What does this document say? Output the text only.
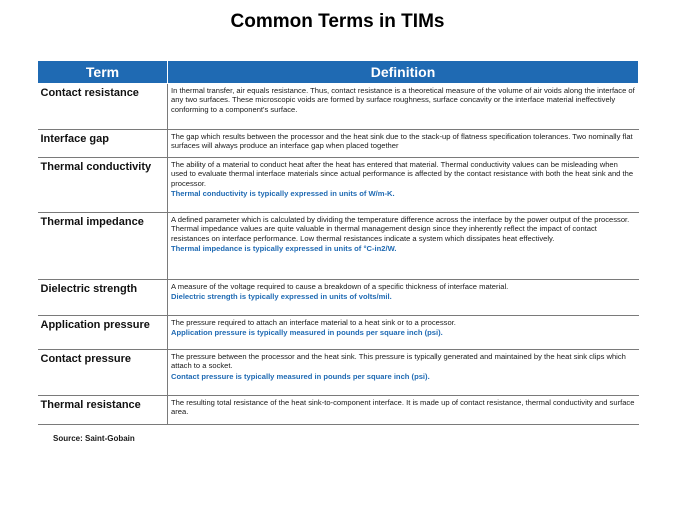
Common Terms in TIMs
Term	Definition
Contact resistance	In thermal transfer, air equals resistance. Thus, contact resistance is a theoretical measure of the volume of air voids along the interface of any two surfaces. These microscopic voids are formed by surface roughness, surface concavity or the interface material ineffectively conforming to a component's surface.

Interface gap	The gap which results between the processor and the heat sink due to the stack-up of flatness specification tolerances. Two nominally flat surfaces will always produce an interface gap when placed together

Thermal conductivity	The ability of a material to conduct heat after the heat has entered that material. Thermal conductivity values can be misleading when used to evaluate thermal interface materials since actual performance is affected by the contact resistance with both the heat sink and the processor.
Thermal conductivity is typically expressed in units of W/m-K.

Thermal impedance	A defined parameter which is calculated by dividing the temperature difference across the interface by the power output of the processor. Thermal impedance values are quite valuable in thermal management design since they inherently reflect the impact of contact resistances on interface performance. Low thermal resistances indicate a system which dissipates heat effectively.
Thermal impedance is typically expressed in units of °C-in2/W.

Dielectric strength	A measure of the voltage required to cause a breakdown of a specific thickness of interface material.
Dielectric strength is typically expressed in units of volts/mil.

Application pressure	The pressure required to attach an interface material to a heat sink or to a processor.
Application pressure is typically measured in pounds per square inch (psi).

Contact pressure	The pressure between the processor and the heat sink. This pressure is typically generated and maintained by the heat sink clips which attach to a socket.
Contact pressure is typically measured in pounds per square inch (psi).

Thermal resistance	The resulting total resistance of the heat sink-to-component interface. It is made up of contact resistance, thermal conductivity and surface area.
Source: Saint-Gobain
